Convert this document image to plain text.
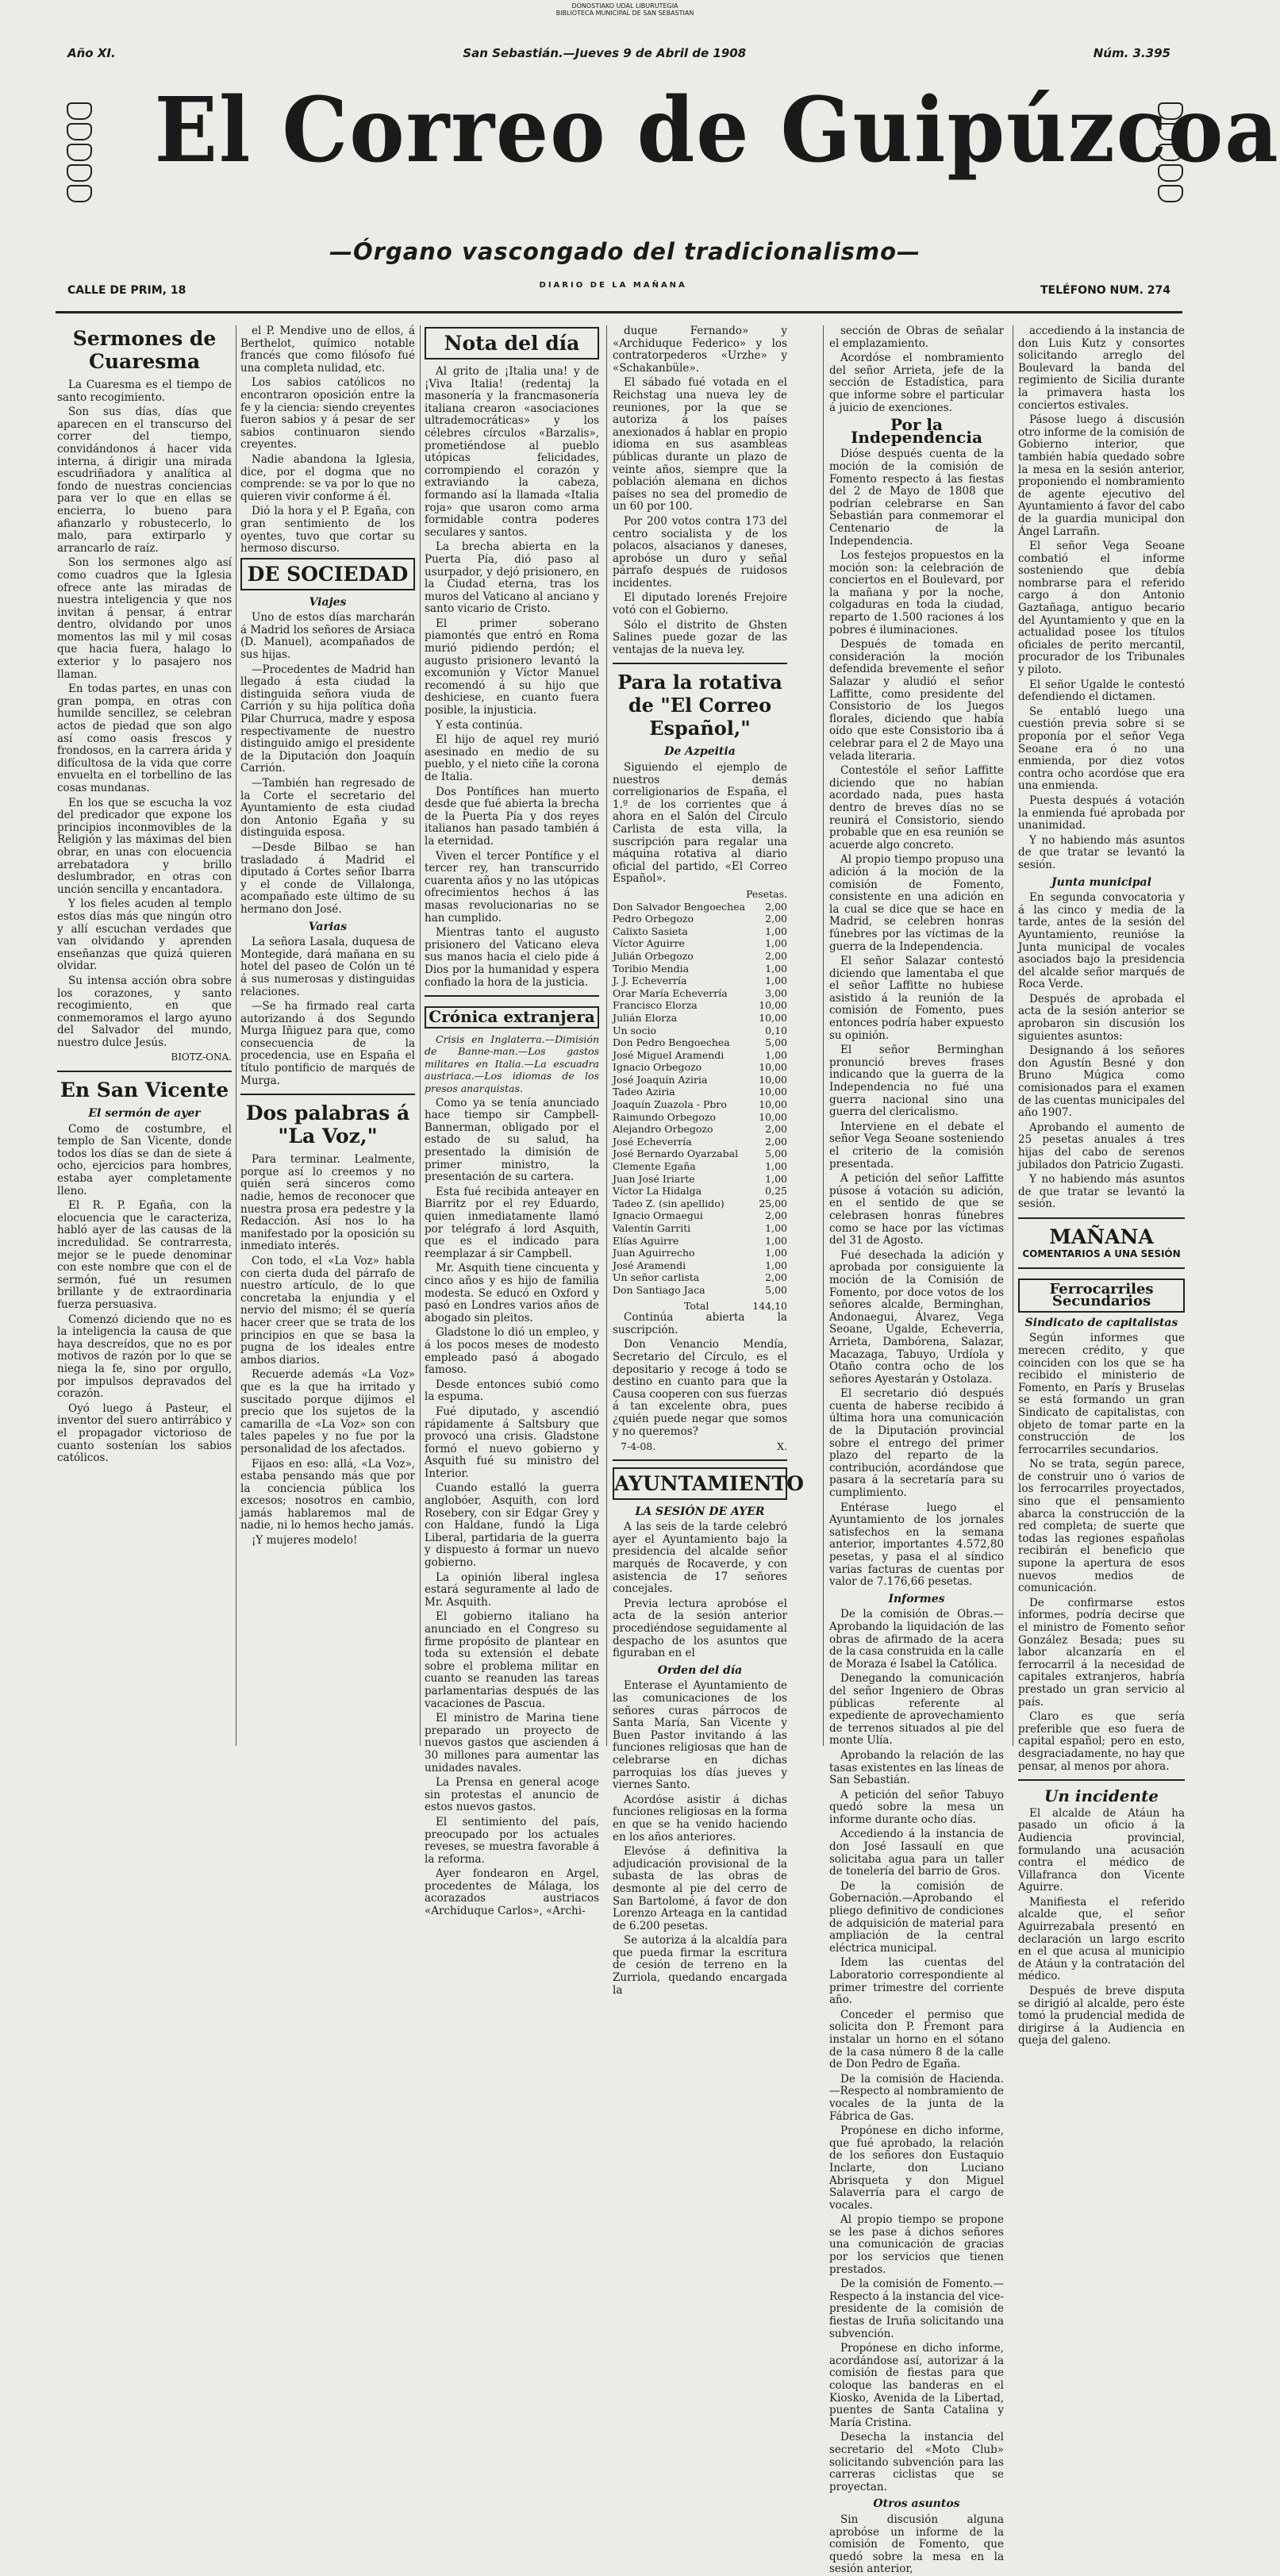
DONOSTIAKO UDAL LIBURUTEGIA
BIBLIOTECA MUNICIPAL DE SAN SEBASTIAN
Año XI.	San Sebastián.—Jueves 9 de Abril de 1908	Núm. 3.395
El Correo de Guipúzcoa
—Órgano vascongado del tradicionalismo—
CALLE DE PRIM, 18	DIARIO DE LA MAÑANA	TELÉFONO NUM. 274
Sermones de Cuaresma

La Cuaresma es el tiempo de santo recogimiento.

Son sus días, días que aparecen en el transcurso del correr del tiempo, convidándonos á hacer vida interna, á dirigir una mirada escudriñadora y analítica al fondo de nuestras conciencias para ver lo que en ellas se encierra, lo bueno para afianzarlo y robustecerlo, lo malo, para extirparlo y arrancarlo de raíz.

Son los sermones algo así como cuadros que la Iglesia ofrece ante las miradas de nuestra inteligencia y que nos invitan á pensar, á entrar dentro, olvidando por unos momentos las mil y mil cosas que hacia fuera, halago lo exterior y lo pasajero nos llaman.

En todas partes, en unas con gran pompa, en otras con humilde sencillez, se celebran actos de piedad que son algo así como oasis frescos y frondosos, en la carrera árida y difícultosa de la vida que corre envuelta en el torbellino de las cosas mundanas.

En los que se escucha la voz del predicador que expone los principios inconmovibles de la Religión y las máximas del bien obrar, en unas con elocuencia arrebatadora y brillo deslumbrador, en otras con unción sencilla y encantadora.

Y los fieles acuden al templo estos días más que ningún otro y allí escuchan verdades que van olvidando y aprenden enseñanzas que quizá quieren olvidar.

Su intensa acción obra sobre los corazones, y santo recogimiento, en que conmemoramos el largo ayuno del Salvador del mundo, nuestro dulce Jesús.

BIOTZ-ONA.
En San Vicente
El sermón de ayer

Como de costumbre, el templo de San Vicente, donde todos los días se dan de siete á ocho, ejercicios para hombres, estaba ayer completamente lleno.

El R. P. Egaña, con la elocuencia que le caracteriza, habló ayer de las causas de la incredulidad. Se contrarresta, mejor se le puede denominar con este nombre que con el de sermón, fué un resumen brillante y de extraordinaria fuerza persuasiva.

Comenzó diciendo que no es la inteligencia la causa de que haya descreídos, que no es por motivos de razón por lo que se niega la fe, sino por orgullo, por impulsos depravados del corazón.

Oyó luego á Pasteur, el inventor del suero antirrábico y el propagador victorioso de cuanto sostenían los sabios católicos.

el P. Mendive uno de ellos, á Berthelot, químico notable francés que como filósofo fué una completa nulidad, etc.

Los sabios católicos no encontraron oposición entre la fe y la ciencia: siendo creyentes fueron sabios y á pesar de ser sabios continuaron siendo creyentes.

Nadie abandona la Iglesia, dice, por el dogma que no comprende: se va por lo que no quieren vivir conforme á él.

Dió la hora y el P. Egaña, con gran sentimiento de los oyentes, tuvo que cortar su hermoso discurso.

DE SOCIEDAD
Viajes

Uno de estos días marcharán á Madrid los señores de Arsiaca (D. Manuel), acompañados de sus hijas.

—Procedentes de Madrid han llegado á esta ciudad la distinguida señora viuda de Carrión y su hija política doña Pilar Churruca, madre y esposa respectivamente de nuestro distinguido amigo el presidente de la Diputación don Joaquín Carrión.

—También han regresado de la Corte el secretario del Ayuntamiento de esta ciudad don Antonio Egaña y su distinguida esposa.

—Desde Bilbao se han trasladado á Madrid el diputado á Cortes señor Ibarra y el conde de Villalonga, acompañado este último de su hermano don José.

Varias

La señora Lasala, duquesa de Montegide, dará mañana en su hotel del paseo de Colón un té á sus numerosas y distinguidas relaciones.

—Se ha firmado real carta autorizando á dos Segundo Murga Iñiguez para que, como consecuencia de la procedencia, use en España el título pontificio de marqués de Murga.

Dos palabras á "La Voz,"

Para terminar. Lealmente, porque así lo creemos y no quién será sinceros como nadie, hemos de reconocer que nuestra prosa era pedestre y la Redacción. Así nos lo ha manifestado por la oposición su inmediato interés.

Con todo, el «La Voz» habla con cierta duda del párrafo de nuestro artículo, de lo que concretaba la enjundia y el nervio del mismo; él se quería hacer creer que se trata de los principios en que se basa la pugna de los ideales entre ambos diarios.

Recuerde además «La Voz» que es la que ha irritado y suscitado porque dijimos el precio que los sujetos de la camarilla de «La Voz» son con tales papeles y no fue por la personalidad de los afectados.

Fijaos en eso: allá, «La Voz», estaba pensando más que por la conciencia pública los excesos; nosotros en cambio, jamás hablaremos mal de nadie, ni lo hemos hecho jamás.

¡Y mujeres modelo!

Nota del día

Al grito de ¡Italia una! y de ¡Viva Italia! (redentaj la masonería y la francmasonería italiana crearon «asociaciones ultrademocráticas» y los célebres círculos «Barzalis», prometiéndose al pueblo utópicas felicidades, corrompiendo el corazón y extraviando la cabeza, formando así la llamada «Italia roja» que usaron como arma formidable contra poderes seculares y santos.

La brecha abierta en la Puerta Pía, dió paso al usurpador, y dejó prisionero, en la Ciudad eterna, tras los muros del Vaticano al anciano y santo vicario de Cristo.

El primer soberano piamontés que entró en Roma murió pidiendo perdón; el augusto prisionero levantó la excomunión y Víctor Manuel recomendó á su hijo que deshiciese, en cuanto fuera posible, la injusticia.

Y esta continúa.

El hijo de aquel rey murió asesinado en medio de su pueblo, y el nieto ciñe la corona de Italia.

Dos Pontífices han muerto desde que fué abierta la brecha de la Puerta Pía y dos reyes italianos han pasado también á la eternidad.

Viven el tercer Pontífice y el tercer rey, han transcurrido cuarenta años y no las utópicas ofrecimientos hechos á las masas revolucionarias no se han cumplido.

Mientras tanto el augusto prisionero del Vaticano eleva sus manos hacia el cielo pide á Dios por la humanidad y espera confiado la hora de la justicia.

Crónica extranjera

Crisis en Inglaterra.—Dimisión de Banne-man.—Los gastos militares en Italia.—La escuadra austriaca.—Los idiomas de los presos anarquistas.

Como ya se tenía anunciado hace tiempo sir Campbell-Bannerman, obligado por el estado de su salud, ha presentado la dimisión de primer ministro, la presentación de su cartera.

Esta fué recibida anteayer en Biarritz por el rey Eduardo, quien inmediatamente llamó por telégrafo á lord Asquith, que es el indicado para reemplazar á sir Campbell.

Mr. Asquith tiene cincuenta y cinco años y es hijo de familia modesta. Se educó en Oxford y pasó en Londres varios años de abogado sin pleitos.

Gladstone lo dió un empleo, y á los pocos meses de modesto empleado pasó á abogado famoso.

Desde entonces subió como la espuma.

Fué diputado, y ascendió rápidamente á Saltsbury que provocó una crisis. Gladstone formó el nuevo gobierno y Asquith fué su ministro del Interior.

Cuando estalló la guerra anglobóer, Asquith, con lord Rosebery, con sir Edgar Grey y con Haldane, fundó la Liga Liberal, partidaria de la guerra y dispuesto á formar un nuevo gobierno.

La opinión liberal inglesa estará seguramente al lado de Mr. Asquith.

El gobierno italiano ha anunciado en el Congreso su firme propósito de plantear en toda su extensión el debate sobre el problema militar en cuanto se reanuden las tareas parlamentarias después de las vacaciones de Pascua.

El ministro de Marina tiene preparado un proyecto de nuevos gastos que ascienden á 30 millones para aumentar las unidades navales.

La Prensa en general acoge sin protestas el anuncio de estos nuevos gastos.

El sentimiento del país, preocupado por los actuales reveses, se muestra favorable á la reforma.

Ayer fondearon en Argel, procedentes de Málaga, los acorazados austriacos «Archiduque Carlos», «Archi-

duque Fernando» y «Archiduque Federico» y los contratorpederos «Urzhe» y «Schakanbüle».

El sábado fué votada en el Reichstag una nueva ley de reuniones, por la que se autoriza á los países anexionados á hablar en propio idioma en sus asambleas públicas durante un plazo de veinte años, siempre que la población alemana en dichos países no sea del promedio de un 60 por 100.

Por 200 votos contra 173 del centro socialista y de los polacos, alsacianos y daneses, aprobóse un duro y señal párrafo después de ruidosos incidentes.

El diputado lorenés Frejoire votó con el Gobierno.

Sólo el distrito de Ghsten Salines puede gozar de las ventajas de la nueva ley.

Para la rotativa de "El Correo Español,"
De Azpeitia

Siguiendo el ejemplo de nuestros demás correligionarios de España, el 1.º de los corrientes que á ahora en el Salón del Círculo Carlista de esta villa, la suscripción para regalar una máquina rotativa al diario oficial del partido, «El Correo Español».

Pesetas.
Don Salvador Bengoechea 2,00
Pedro Orbegozo	2,00
Calixto Sasieta	1,00
Víctor Aguirre	1,00
Julián Orbegozo	2,00
Toribio Mendia	1,00
J. J. Echeverría	1,00
Orar María Echeverría	3,00
Francisco Elorza	10,00
Julián Elorza	10,00
Un socio	0,10
Don Pedro Bengoechea	5,00
José Miguel Aramendi	1,00
Ignacio Orbegozo	10,00
José Joaquín Aziria	10,00
Tadeo Aziria	10,00
Joaquín Zuazola - Pbro	10,00
Raimundo Orbegozo	10,00
Alejandro Orbegozo	2,00
José Echeverría	2,00
José Bernardo Oyarzabal	5,00
Clemente Egaña	1,00
Juan José Iriarte	1,00
Víctor La Hidalga	0,25
Tadeo Z. (sin apellido)	25,00
Ignacio Ormaegui	2,00
Valentín Garriti	1,00
Elías Aguirre	1,00
Juan Aguirrecho	1,00
José Aramendi	1,00
Un señor carlista	2,00
Don Santiago Jaca	5,00
Total	144,10

Continúa abierta la suscripción.

Don Venancio Mendía, Secretario del Círculo, es el depositario y recoge á todo se destino en cuanto para que la Causa cooperen con sus fuerzas á tan excelente obra, pues ¿quién puede negar que somos y no queremos?

7-4-08.	X.
AYUNTAMIENTO
LA SESIÓN DE AYER

A las seis de la tarde celebró ayer el Ayuntamiento bajo la presidencia del alcalde señor marqués de Rocaverde, y con asistencia de 17 señores concejales.

Previa lectura aprobóse el acta de la sesión anterior procediéndose seguidamente al despacho de los asuntos que figuraban en el

Orden del día

Enterase el Ayuntamiento de las comunicaciones de los señores curas párrocos de Santa María, San Vicente y Buen Pastor invitando á las funciones religiosas que han de celebrarse en dichas parroquias los días jueves y viernes Santo.

Acordóse asistir á dichas funciones religiosas en la forma en que se ha venido haciendo en los años anteriores.

Elevóse á definitiva la adjudicación provisional de la subasta de las obras de desmonte al pie del cerro de San Bartolomé, á favor de don Lorenzo Arteaga en la cantidad de 6.200 pesetas.

Se autoriza á la alcaldía para que pueda firmar la escritura de cesión de terreno en la Zurriola, quedando encargada la

sección de Obras de señalar el emplazamiento.

Acordóse el nombramiento del señor Arrieta, jefe de la sección de Estadística, para que informe sobre el particular á juicio de exenciones.

Por la Independencia

Dióse después cuenta de la moción de la comisión de Fomento respecto á las fiestas del 2 de Mayo de 1808 que podrían celebrarse en San Sebastián para conmemorar el Centenario de la Independencia.

Los festejos propuestos en la moción son: la celebración de conciertos en el Boulevard, por la mañana y por la noche, colgaduras en toda la ciudad, reparto de 1.500 raciones á los pobres é iluminaciones.

Después de tomada en consideración la moción defendida brevemente el señor Salazar y aludió el señor Laffitte, como presidente del Consistorio de los Juegos florales, diciendo que había oído que este Consistorio iba á celebrar para el 2 de Mayo una velada literaria.

Contestóle el señor Laffitte diciendo que no habían acordado nada, pues hasta dentro de breves días no se reunirá el Consistorio, siendo probable que en esa reunión se acuerde algo concreto.

Al propio tiempo propuso una adición á la moción de la comisión de Fomento, consistente en una adición en la cual se dice que se hace en Madrid, se celebren honras fúnebres por las víctimas de la guerra de la Independencia.

El señor Salazar contestó diciendo que lamentaba el que el señor Laffitte no hubiese asistido á la reunión de la comisión de Fomento, pues entonces podría haber expuesto su opinión.

El señor Berminghan pronunció breves frases indicando que la guerra de la Independencia no fué una guerra nacional sino una guerra del clericalismo.

Interviene en el debate el señor Vega Seoane sosteniendo el criterio de la comisión presentada.

A petición del señor Laffitte púsose á votación su adición, en el sentido de que se celebrasen honras fúnebres como se hace por las víctimas del 31 de Agosto.

Fué desechada la adición y aprobada por consiguiente la moción de la Comisión de Fomento, por doce votos de los señores alcalde, Berminghan, Andonaegui, Álvarez, Vega Seoane, Ugalde, Echeverría, Arrieta, Dambórena, Salazar, Macazaga, Tabuyo, Urdíola y Otaño contra ocho de los señores Ayestarán y Ostolaza.

El secretario dió después cuenta de haberse recibido á última hora una comunicación de la Diputación provincial sobre el entrego del primer plazo del reparto de la contribución, acordándose que pasara á la secretaría para su cumplimiento.

Entérase luego el Ayuntamiento de los jornales satisfechos en la semana anterior, importantes 4.572,80 pesetas, y pasa el al síndico varias facturas de cuentas por valor de 7.176,66 pesetas.

Informes

De la comisión de Obras.—Aprobando la liquidación de las obras de afirmado de la acera de la casa construida en la calle de Moraza é Isabel la Católica.

Denegando la comunicación del señor Ingeniero de Obras públicas referente al expediente de aprovechamiento de terrenos situados al pie del monte Ulía.

Aprobando la relación de las tasas existentes en las líneas de San Sebastián.

A petición del señor Tabuyo quedó sobre la mesa un informe durante ocho días.

Accediendo á la instancia de don José Iassaulí en que solicitaba agua para un taller de tonelería del barrio de Gros.

De la comisión de Gobernación.—Aprobando el pliego definitivo de condiciones de adquisición de material para ampliación de la central eléctrica municipal.

Idem las cuentas del Laboratorio correspondiente al primer trimestre del corriente año.

Conceder el permiso que solicita don P. Fremont para instalar un horno en el sótano de la casa número 8 de la calle de Don Pedro de Egaña.

De la comisión de Hacienda.—Respecto al nombramiento de vocales de la junta de la Fábrica de Gas.

Propónese en dicho informe, que fué aprobado, la relación de los señores don Eustaquio Inclarte, don Luciano Abrisqueta y don Miguel Salaverría para el cargo de vocales.

Al propio tiempo se propone se les pase á dichos señores una comunicación de gracias por los servicios que tienen prestados.

De la comisión de Fomento.—Respecto á la instancia del vice-presidente de la comisión de fiestas de Iruña solicitando una subvención.

Propónese en dicho informe, acordándose así, autorizar á la comisión de fiestas para que coloque las banderas en el Kiosko, Avenida de la Libertad, puentes de Santa Catalina y María Cristina.

Desecha la instancia del secretario del «Moto Club» solicitando subvención para las carreras ciclistas que se proyectan.

Otros asuntos

Sin discusión alguna aprobóse un informe de la comisión de Fomento, que quedó sobre la mesa en la sesión anterior,

accediendo á la instancia de don Luis Kutz y consortes solicitando arreglo del Boulevard la banda del regimiento de Sicilia durante la primavera hasta los conciertos estivales.

Pásose luego á discusión otro informe de la comisión de Gobierno interior, que también había quedado sobre la mesa en la sesión anterior, proponiendo el nombramiento de agente ejecutivo del Ayuntamiento á favor del cabo de la guardia municipal don Ángel Larrañn.

El señor Vega Seoane combatió el informe sosteniendo que debía nombrarse para el referido cargo á don Antonio Gaztañaga, antiguo becario del Ayuntamiento y que en la actualidad posee los títulos oficiales de perito mercantil, procurador de los Tribunales y piloto.

El señor Ugalde le contestó defendiendo el dictamen.

Se entabló luego una cuestión previa sobre si se proponía por el señor Vega Seoane era ó no una enmienda, por diez votos contra ocho acordóse que era una enmienda.

Puesta después á votación la enmienda fué aprobada por unanimidad.

Y no habiendo más asuntos de que tratar se levantó la sesión.

Junta municipal

En segunda convocatoria y á las cinco y media de la tarde, antes de la sesión del Ayuntamiento, reunióse la Junta municipal de vocales asociados bajo la presidencia del alcalde señor marqués de Roca Verde.

Después de aprobada el acta de la sesión anterior se aprobaron sin discusión los siguientes asuntos:

Designando á los señores don Agustín Besné y don Bruno Múgica como comisionados para el examen de las cuentas municipales del año 1907.

Aprobando el aumento de 25 pesetas anuales á tres hijas del cabo de serenos jubilados don Patricio Zugasti.

Y no habiendo más asuntos de que tratar se levantó la sesión.

MAÑANA
COMENTARIOS A UNA SESIÓN
Ferrocarriles Secundarios
Sindicato de capitalistas

Según informes que merecen crédito, y que coinciden con los que se ha recibido el ministerio de Fomento, en París y Bruselas se está formando un gran Sindicato de capitalistas, con objeto de tomar parte en la construcción de los ferrocarriles secundarios.

No se trata, según parece, de construir uno ó varios de los ferrocarriles proyectados, sino que el pensamiento abarca la construcción de la red completa; de suerte que todas las regiones españolas recibirán el beneficio que supone la apertura de esos nuevos medios de comunicación.

De confirmarse estos informes, podría decirse que el ministro de Fomento señor González Besada; pues su labor alcanzaría en el ferrocarril á la necesidad de capitales extranjeros, habría prestado un gran servicio al país.

Claro es que sería preferible que eso fuera de capital español; pero en esto, desgraciadamente, no hay que pensar, al menos por ahora.

Un incidente

El alcalde de Atáun ha pasado un oficio á la Audiencia provincial, formulando una acusación contra el médico de Villafranca don Vicente Aguirre.

Manifiesta el referido alcalde que, el señor Aguirrezabala presentó en declaración un largo escrito en el que acusa al municipio de Atáun y la contratación del médico.

Después de breve disputa se dirigió al alcalde, pero éste tomó la prudencial medida de dirigirse á la Audiencia en queja del galeno.
